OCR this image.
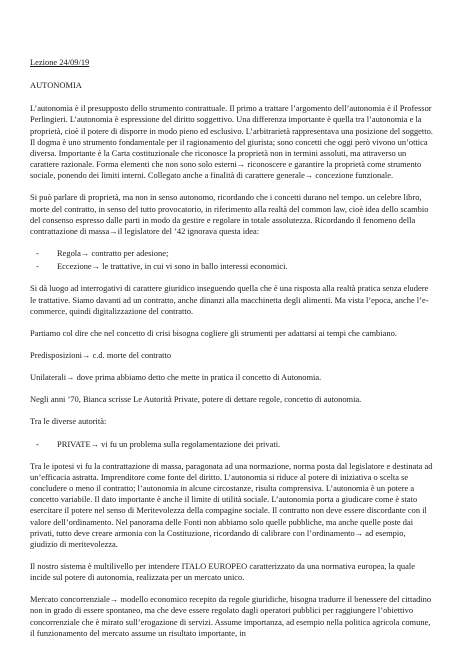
Lezione 24/09/19
AUTONOMIA

L’autonomia è il presupposto dello strumento contrattuale. Il primo a trattare l’argomento dell’autonomia è il Professor Perlingieri. L’autonomia è espressione del diritto soggettivo. Una differenza importante è quella tra l’autonomia e la proprietà, cioè il potere di disporre in modo pieno ed esclusivo. L’arbitrarietà rappresentava una posizione del soggetto. Il dogma è uno strumento fondamentale per il ragionamento del giurista; sono concetti che oggi però vivono un’ottica diversa. Importante è la Carta costituzionale che riconosce la proprietà non in termini assoluti, ma attraverso un carattere razionale. Forma elementi che non sono solo esterni→ riconoscere e garantire la proprietà come strumento sociale, ponendo dei limiti interni. Collegato anche a finalità di carattere generale→ concezione funzionale.

Si può parlare di proprietà, ma non in senso autonomo, ricordando che i concetti durano nel tempo. un celebre libro, morte del contratto, in senso del tutto provocatorio, in riferimento alla realtà del common law, cioè idea dello scambio del consenso espresso dalle parti in modo da gestire e regolare in totale assolutezza. Ricordando il fenomeno della contrattazione di massa→il legislatore del ’42 ignorava questa idea:

- Regola→ contratto per adesione;
- Eccezione→ le trattative, in cui vi sono in ballo interessi economici.

Si dà luogo ad interrogativi di carattere giuridico inseguendo quella che è una risposta alla realtà pratica senza eludere le trattative. Siamo davanti ad un contratto, anche dinanzi alla macchinetta degli alimenti. Ma vista l’epoca, anche l’e-commerce, quindi digitalizzazione del contratto.

Partiamo col dire che nel concetto di crisi bisogna cogliere gli strumenti per adattarsi ai tempi che cambiano.

Predisposizioni→ c.d. morte del contratto

Unilaterali→ dove prima abbiamo detto che mette in pratica il concetto di Autonomia.

Negli anni ’70, Bianca scrisse Le Autorità Private, potere di dettare regole, concetto di autonomia.

Tra le diverse autorità:

- PRIVATE→ vi fu un problema sulla regolamentazione dei privati.

Tra le ipotesi vi fu la contrattazione di massa, paragonata ad una normazione, norma posta dal legislatore e destinata ad un’efficacia astratta. Imprenditore come fonte del diritto. L’autonomia si riduce al potere di iniziativa o scelta se concludere o meno il contratto; l’autonomia in alcune circostanze, risulta comprensiva. L’autonomia è un potere a concetto variabile. Il dato importante è anche il limite di utilità sociale. L’autonomia porta a giudicare come è stato esercitare il potere nel senso di Meritevolezza della compagine sociale. Il contratto non deve essere discordante con il valore dell’ordinamento. Nel panorama delle Fonti non abbiamo solo quelle pubbliche, ma anche quelle poste dai privati, tutto deve creare armonia con la Costituzione, ricordando di calibrare con l’ordinamento→ ad esempio, giudizio di meritevolezza.

Il nostro sistema è multilivello per intendere ITALO EUROPEO caratterizzato da una normativa europea, la quale incide sul potere di autonomia, realizzata per un mercato unico.

Mercato concorrenziale→ modello economico recepito da regole giuridiche, bisogna tradurre il benessere del cittadino non in grado di essere spontaneo, ma che deve essere regolato dagli operatori pubblici per raggiungere l’obiettivo concorrenziale che è mirato sull’erogazione di servizi. Assume importanza, ad esempio nella politica agricola comune, il funzionamento del mercato assume un risultato importante, in
